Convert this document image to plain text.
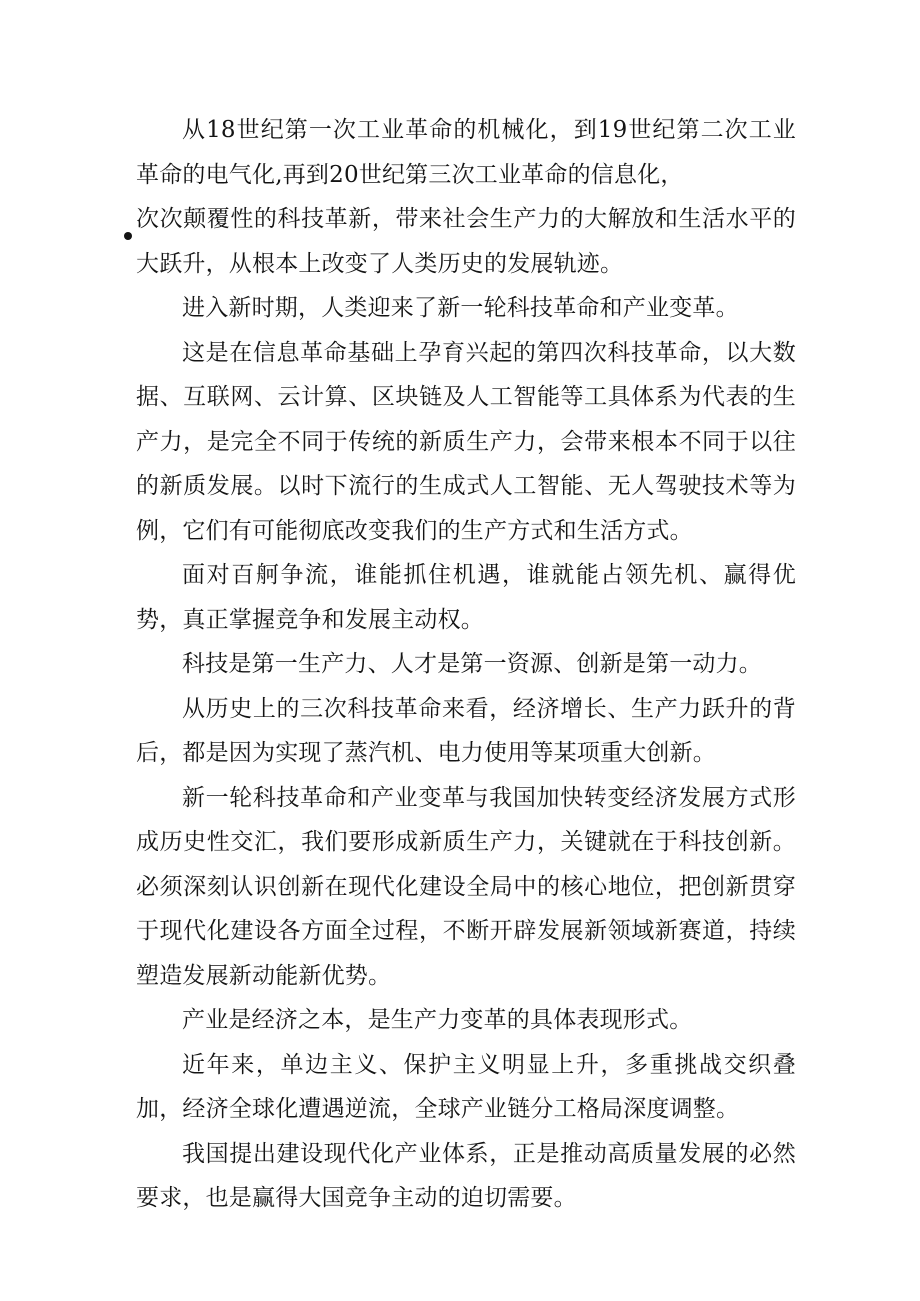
从18世纪第一次工业革命的机械化，到19世纪第二次工业革命的电气化,再到20世纪第三次工业革命的信息化，

次次颠覆性的科技革新，带来社会生产力的大解放和生活水平的大跃升，从根本上改变了人类历史的发展轨迹。

进入新时期，人类迎来了新一轮科技革命和产业变革。

这是在信息革命基础上孕育兴起的第四次科技革命，以大数据、互联网、云计算、区块链及人工智能等工具体系为代表的生产力，是完全不同于传统的新质生产力，会带来根本不同于以往的新质发展。以时下流行的生成式人工智能、无人驾驶技术等为例，它们有可能彻底改变我们的生产方式和生活方式。

面对百舸争流，谁能抓住机遇，谁就能占领先机、赢得优势，真正掌握竞争和发展主动权。

科技是第一生产力、人才是第一资源、创新是第一动力。

从历史上的三次科技革命来看，经济增长、生产力跃升的背后，都是因为实现了蒸汽机、电力使用等某项重大创新。

新一轮科技革命和产业变革与我国加快转变经济发展方式形成历史性交汇，我们要形成新质生产力，关键就在于科技创新。必须深刻认识创新在现代化建设全局中的核心地位，把创新贯穿于现代化建设各方面全过程，不断开辟发展新领域新赛道，持续塑造发展新动能新优势。

产业是经济之本，是生产力变革的具体表现形式。

近年来，单边主义、保护主义明显上升，多重挑战交织叠加，经济全球化遭遇逆流，全球产业链分工格局深度调整。

我国提出建设现代化产业体系，正是推动高质量发展的必然要求，也是赢得大国竞争主动的迫切需要。
